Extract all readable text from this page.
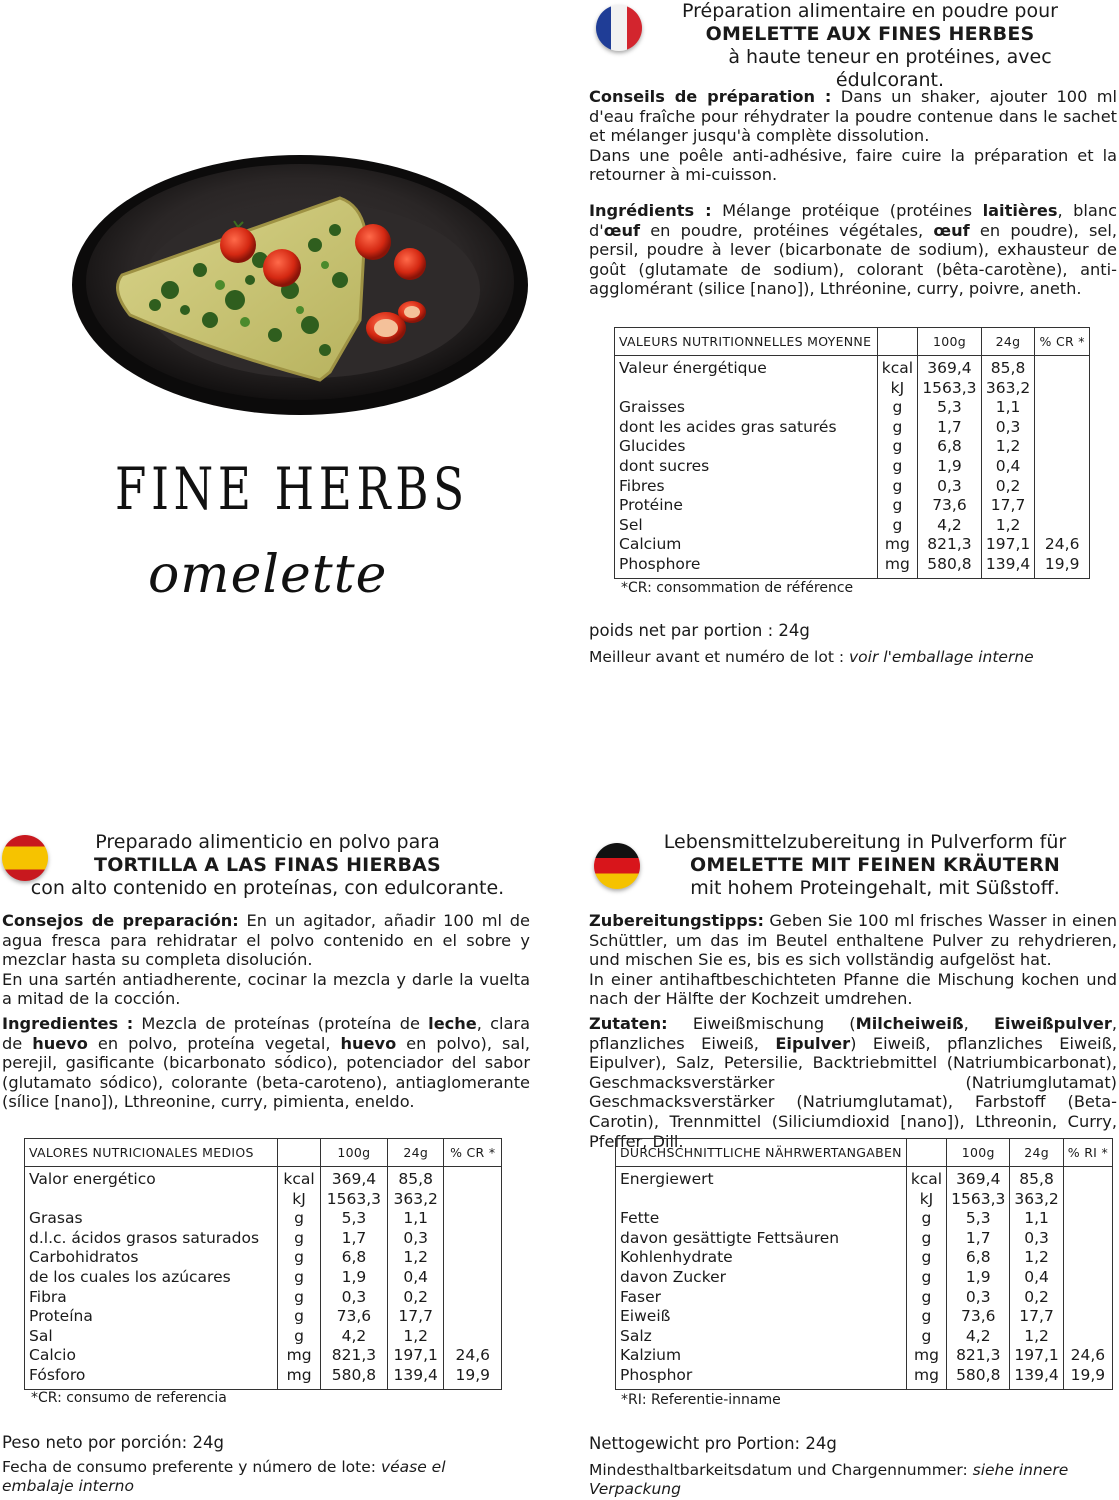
FINE HERBS
omelette
Préparation alimentaire en poudre pour
OMELETTE AUX FINES HERBES
à haute teneur en protéines, avec édulcorant.
Conseils de préparation : Dans un shaker, ajouter 100 ml d'eau fraîche pour réhydrater la poudre contenue dans le sachet et mélanger jusqu'à complète dissolution.
Dans une poêle anti-adhésive, faire cuire la préparation et la retourner à mi-cuisson.
Ingrédients : Mélange protéique (protéines laitières, blanc d'œuf en poudre, protéines végétales, œuf en poudre), sel, persil, poudre à lever (bicarbonate de sodium), exhausteur de goût (glutamate de sodium), colorant (bêta-carotène), anti-agglomérant (silice [nano]), Lthréonine, curry, poivre, aneth.
VALEURS NUTRITIONNELLES MOYENNE		100g	24g	% CR *
Valeur énergétique	kcal	369,4	85,8	
	kJ	1563,3	363,2	
Graisses	g	5,3	1,1	
dont les acides gras saturés	g	1,7	0,3	
Glucides	g	6,8	1,2	
dont sucres	g	1,9	0,4	
Fibres	g	0,3	0,2	
Protéine	g	73,6	17,7	
Sel	g	4,2	1,2	
Calcium	mg	821,3	197,1	24,6
Phosphore	mg	580,8	139,4	19,9
*CR: consommation de référence
poids net par portion : 24g
Meilleur avant et numéro de lot : voir l'emballage interne
Preparado alimenticio en polvo para
TORTILLA A LAS FINAS HIERBAS
con alto contenido en proteínas, con edulcorante.
Consejos de preparación: En un agitador, añadir 100 ml de agua fresca para rehidratar el polvo contenido en el sobre y mezclar hasta su completa disolución.
En una sartén antiadherente, cocinar la mezcla y darle la vuelta a mitad de la cocción.
Ingredientes : Mezcla de proteínas (proteína de leche, clara de huevo en polvo, proteína vegetal, huevo en polvo), sal, perejil, gasificante (bicarbonato sódico), potenciador del sabor (glutamato sódico), colorante (beta-caroteno), antiaglomerante (sílice [nano]), Lthreonine, curry, pimienta, eneldo.
VALORES NUTRICIONALES MEDIOS		100g	24g	% CR *
Valor energético	kcal	369,4	85,8	
	kJ	1563,3	363,2	
Grasas	g	5,3	1,1	
d.l.c. ácidos grasos saturados	g	1,7	0,3	
Carbohidratos	g	6,8	1,2	
de los cuales los azúcares	g	1,9	0,4	
Fibra	g	0,3	0,2	
Proteína	g	73,6	17,7	
Sal	g	4,2	1,2	
Calcio	mg	821,3	197,1	24,6
Fósforo	mg	580,8	139,4	19,9
*CR: consumo de referencia
Peso neto por porción: 24g
Fecha de consumo preferente y número de lote: véase el embalaje interno
Lebensmittelzubereitung in Pulverform für
OMELETTE MIT FEINEN KRÄUTERN
mit hohem Proteingehalt, mit Süßstoff.
Zubereitungstipps: Geben Sie 100 ml frisches Wasser in einen Schüttler, um das im Beutel enthaltene Pulver zu rehydrieren, und mischen Sie es, bis es sich vollständig aufgelöst hat.
In einer antihaftbeschichteten Pfanne die Mischung kochen und nach der Hälfte der Kochzeit umdrehen.
Zutaten: Eiweißmischung (Milcheiweiß, Eiweißpulver, pflanzliches Eiweiß, Eipulver) Eiweiß, pflanzliches Eiweiß, Eipulver), Salz, Petersilie, Backtriebmittel (Natriumbicarbonat), Geschmacksverstärker (Natriumglutamat) Geschmacksverstärker (Natriumglutamat), Farbstoff (Beta-Carotin), Trennmittel (Siliciumdioxid [nano]), Lthreonin, Curry, Pfeffer, Dill.
DURCHSCHNITTLICHE NÄHRWERTANGABEN		100g	24g	% RI *
Energiewert	kcal	369,4	85,8	
	kJ	1563,3	363,2	
Fette	g	5,3	1,1	
davon gesättigte Fettsäuren	g	1,7	0,3	
Kohlenhydrate	g	6,8	1,2	
davon Zucker	g	1,9	0,4	
Faser	g	0,3	0,2	
Eiweiß	g	73,6	17,7	
Salz	g	4,2	1,2	
Kalzium	mg	821,3	197,1	24,6
Phosphor	mg	580,8	139,4	19,9
*RI: Referentie-inname
Nettogewicht pro Portion: 24g
Mindesthaltbarkeitsdatum und Chargennummer: siehe innere Verpackung
